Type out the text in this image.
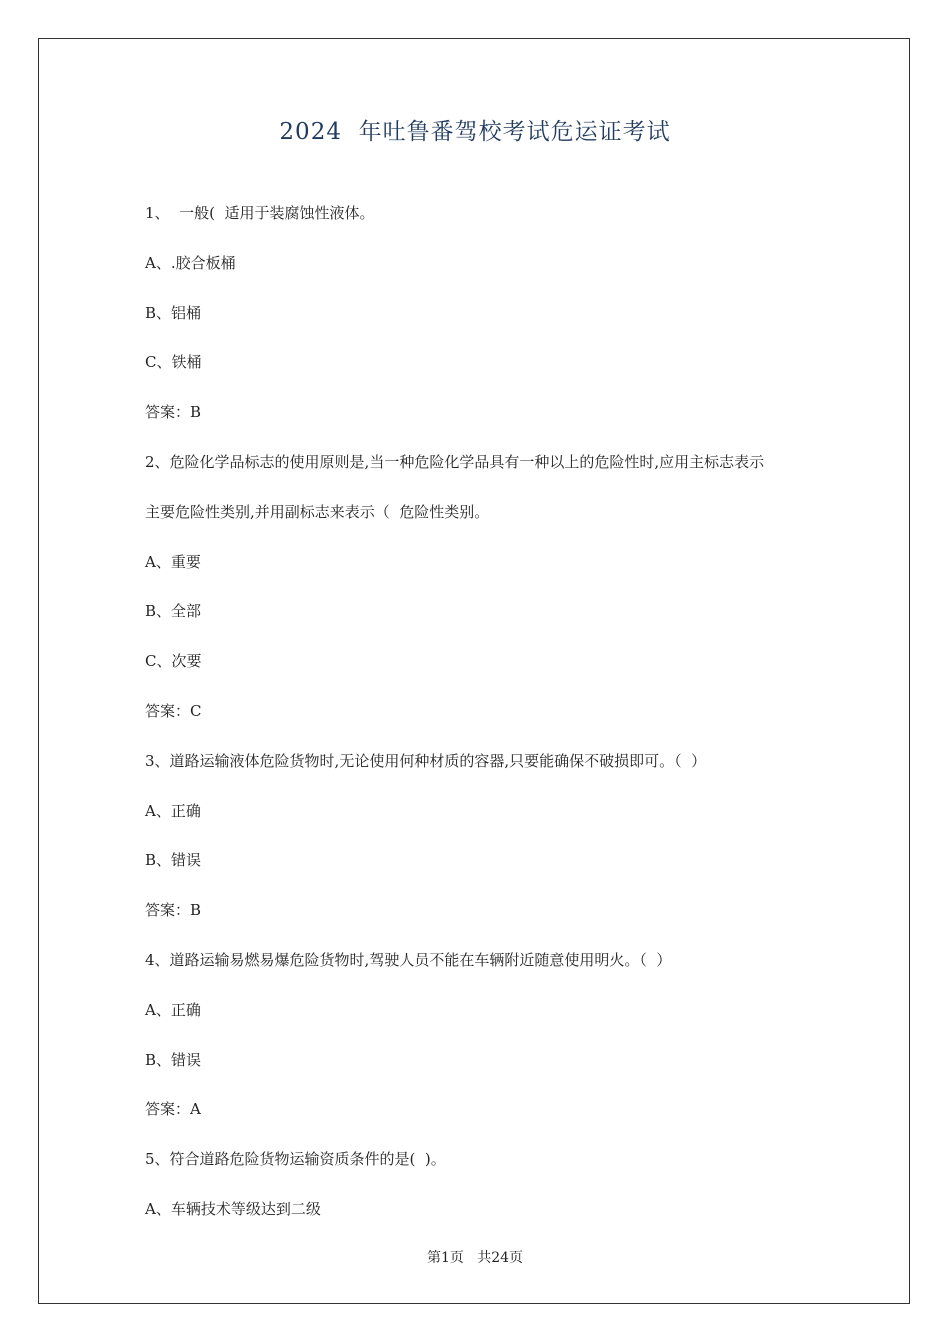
2024  年吐鲁番驾校考试危运证考试
1、  一般(  适用于装腐蚀性液体。
A、.胶合板桶
B、铝桶
C、铁桶
答案：B
2、危险化学品标志的使用原则是,当一种危险化学品具有一种以上的危险性时,应用主标志表示
主要危险性类别,并用副标志来表示（  危险性类别。
A、重要
B、全部
C、次要
答案：C
3、道路运输液体危险货物时,无论使用何种材质的容器,只要能确保不破损即可。（  ）
A、正确
B、错误
答案：B
4、道路运输易燃易爆危险货物时,驾驶人员不能在车辆附近随意使用明火。（  ）
A、正确
B、错误
答案：A
5、符合道路危险货物运输资质条件的是(  )。
A、车辆技术等级达到二级
第1页   共24页
